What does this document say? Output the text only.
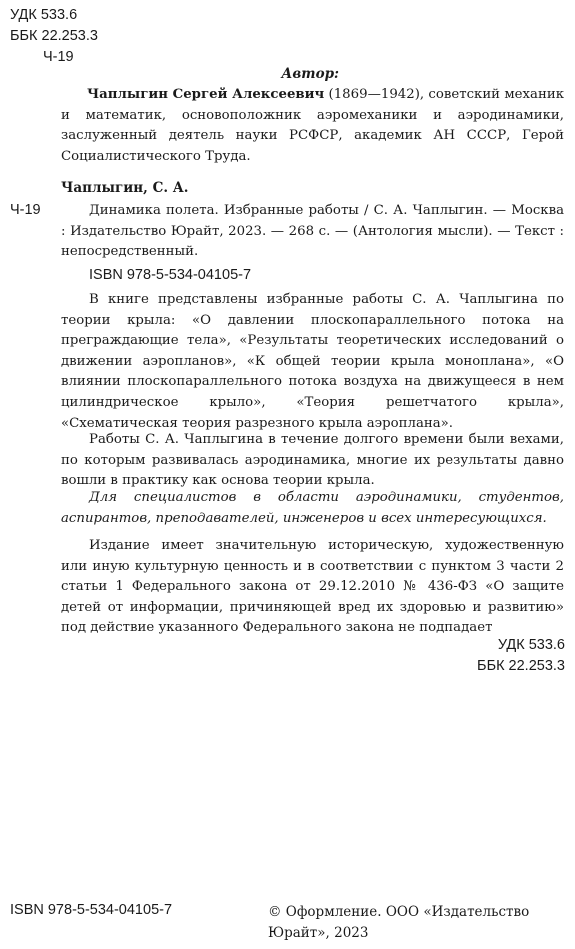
УДК 533.6
ББК 22.253.3
Ч-19
Автор:

Чаплыгин Сергей Алексеевич (1869—1942), советский механик и математик, основоположник аэромеханики и аэродинамики, заслуженный деятель науки РСФСР, академик АН СССР, Герой Социалистического Труда.

Чаплыгин, С. А.
Ч-19	Динамика полета. Избранные работы / С. А. Чаплыгин. — Москва : Издательство Юрайт, 2023. — 268 с. — (Антология мысли). — Текст : непосредственный.

ISBN 978-5-534-04105-7

В книге представлены избранные работы С. А. Чаплыгина по теории крыла: «О давлении плоскопараллельного потока на преграждающие тела», «Результаты теоретических исследований о движении аэропланов», «К общей теории крыла моноплана», «О влиянии плоскопараллельного потока воздуха на движущееся в нем цилиндрическое крыло», «Теория решетчатого крыла», «Схематическая теория разрезного крыла аэроплана».

Работы С. А. Чаплыгина в течение долгого времени были вехами, по которым развивалась аэродинамика, многие их результаты давно вошли в практику как основа теории крыла.

Для специалистов в области аэродинамики, студентов, аспирантов, преподавателей, инженеров и всех интересующихся.

Издание имеет значительную историческую, художественную или иную культурную ценность и в соответствии с пунктом 3 части 2 статьи 1 Федерального закона от 29.12.2010 № 436-ФЗ «О защите детей от информации, причиняющей вред их здоровью и развитию» под действие указанного Федерального закона не подпадает

УДК 533.6
ББК 22.253.3
ISBN 978-5-534-04105-7	© Оформление. ООО «Издательство Юрайт», 2023
